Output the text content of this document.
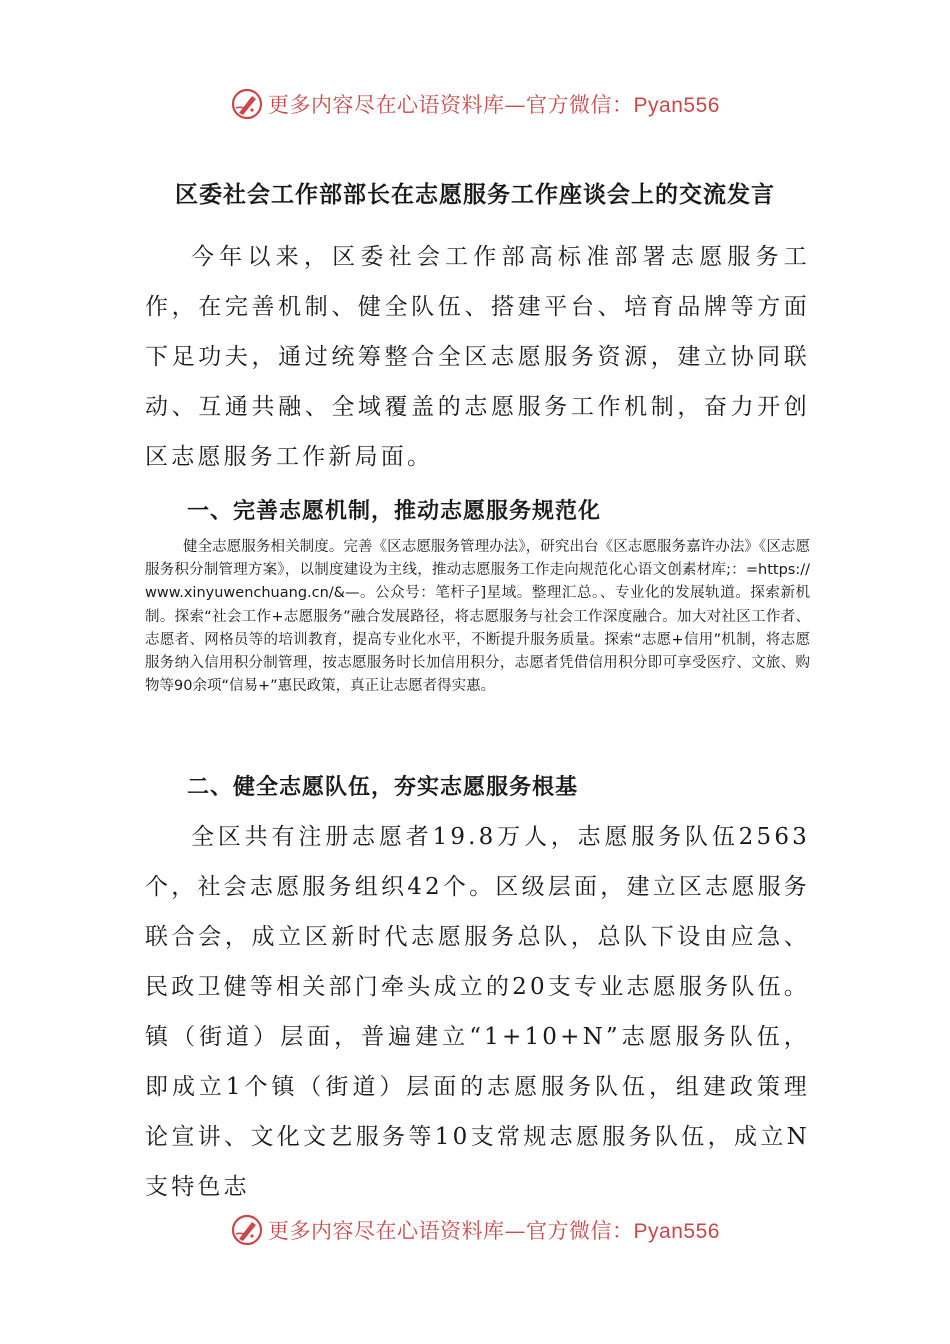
更多内容尽在心语资料库—官方微信：Pyan556
区委社会工作部部长在志愿服务工作座谈会上的交流发言

今年以来，区委社会工作部高标准部署志愿服务工作，在完善机制、健全队伍、搭建平台、培育品牌等方面下足功夫，通过统筹整合全区志愿服务资源，建立协同联动、互通共融、全域覆盖的志愿服务工作机制，奋力开创区志愿服务工作新局面。

一、完善志愿机制，推动志愿服务规范化

健全志愿服务相关制度。完善《区志愿服务管理办法》，研究出台《区志愿服务嘉许办法》《区志愿服务积分制管理方案》，以制度建设为主线，推动志愿服务工作走向规范化心语文创素材库;：=https://www.xinyuwenchuang.cn/&—。公众号：笔杆子]星域。整理汇总。、专业化的发展轨道。探索新机制。探索“社会工作+志愿服务”融合发展路径，将志愿服务与社会工作深度融合。加大对社区工作者、志愿者、网格员等的培训教育，提高专业化水平，不断提升服务质量。探索“志愿+信用”机制，将志愿服务纳入信用积分制管理，按志愿服务时长加信用积分，志愿者凭借信用积分即可享受医疗、文旅、购物等90余项“信易+”惠民政策，真正让志愿者得实惠。

二、健全志愿队伍，夯实志愿服务根基

全区共有注册志愿者19.8万人，志愿服务队伍2563个，社会志愿服务组织42个。区级层面，建立区志愿服务联合会，成立区新时代志愿服务总队，总队下设由应急、民政卫健等相关部门牵头成立的20支专业志愿服务队伍。镇（街道）层面，普遍建立“1+10+N”志愿服务队伍，即成立1个镇（街道）层面的志愿服务队伍，组建政策理论宣讲、文化文艺服务等10支常规志愿服务队伍，成立N支特色志

更多内容尽在心语资料库—官方微信：Pyan556
